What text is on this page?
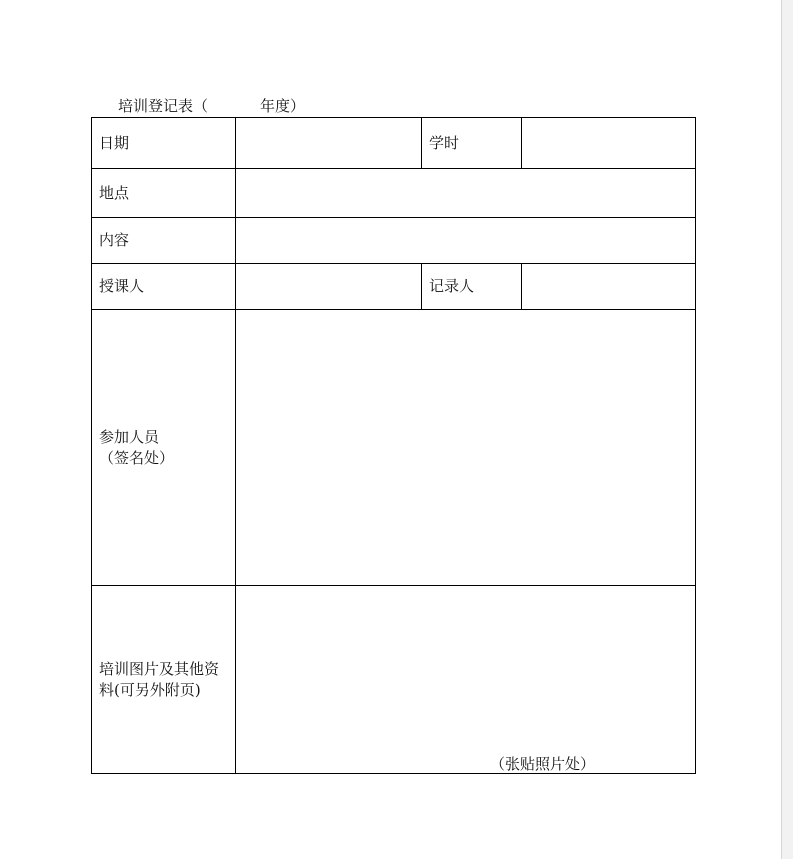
培训登记表（	年度）
日期		学时	
地点			
内容			
授课人		记录人	
参加人员
（签名处）			
培训图片及其他资
料(可另外附页)			
（张贴照片处）
